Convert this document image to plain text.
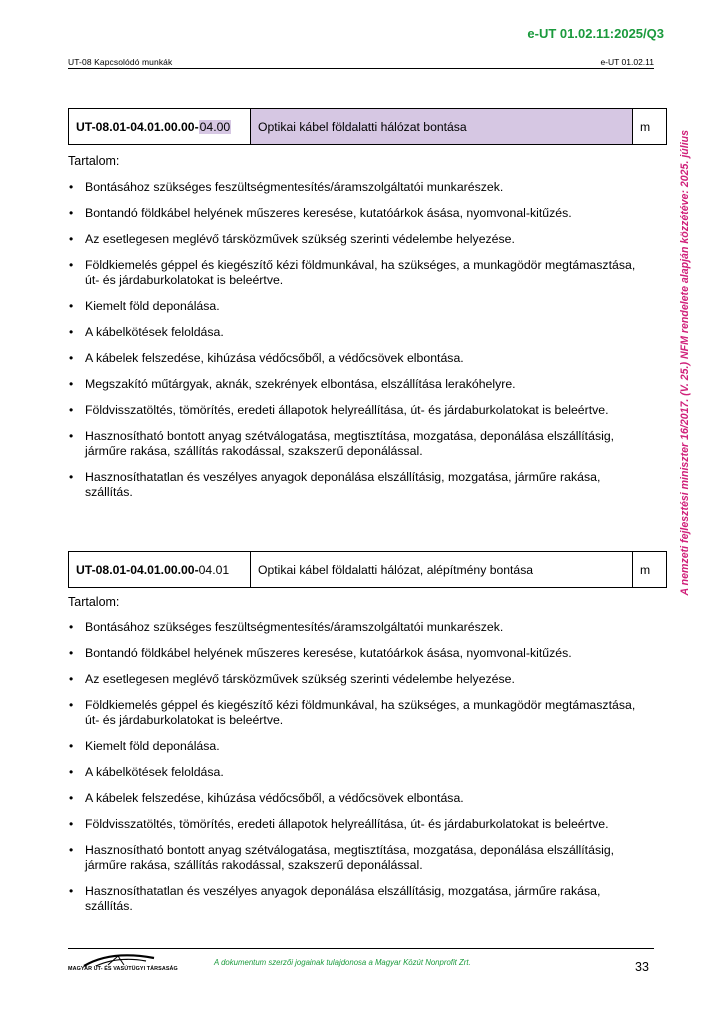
e-UT 01.02.11:2025/Q3
UT-08 Kapcsolódó munkák	e-UT 01.02.11
A nemzeti fejlesztési miniszter 16/2017. (V. 25.) NFM rendelete alapján közzétéve: 2025. július
UT-08.01-04.01.00.00- 04.00	Optikai kábel földalatti hálózat bontása	m
Tartalom:
• Bontásához szükséges feszültségmentesítés/áramszolgáltatói munkarészek.
• Bontandó földkábel helyének műszeres keresése, kutatóárkok ásása, nyomvonal-kitűzés.
• Az esetlegesen meglévő társközművek szükség szerinti védelembe helyezése.
• Földkiemelés géppel és kiegészítő kézi földmunkával, ha szükséges, a munkagödör megtámasztása, út- és járdaburkolatokat is beleértve.
• Kiemelt föld deponálása.
• A kábelkötések feloldása.
• A kábelek felszedése, kihúzása védőcsőből, a védőcsövek elbontása.
• Megszakító műtárgyak, aknák, szekrények elbontása, elszállítása lerakóhelyre.
• Földvisszatöltés, tömörítés, eredeti állapotok helyreállítása, út- és járdaburkolatokat is beleértve.
• Hasznosítható bontott anyag szétválogatása, megtisztítása, mozgatása, deponálása elszállításig, járműre rakása, szállítás rakodással, szakszerű deponálással.
• Hasznosíthatatlan és veszélyes anyagok deponálása elszállításig, mozgatása, járműre rakása, szállítás.
UT-08.01-04.01.00.00- 04.01	Optikai kábel földalatti hálózat, alépítmény bontása	m
Tartalom:
• Bontásához szükséges feszültségmentesítés/áramszolgáltatói munkarészek.
• Bontandó földkábel helyének műszeres keresése, kutatóárkok ásása, nyomvonal-kitűzés.
• Az esetlegesen meglévő társközművek szükség szerinti védelembe helyezése.
• Földkiemelés géppel és kiegészítő kézi földmunkával, ha szükséges, a munkagödör megtámasztása, út- és járdaburkolatokat is beleértve.
• Kiemelt föld deponálása.
• A kábelkötések feloldása.
• A kábelek felszedése, kihúzása védőcsőből, a védőcsövek elbontása.
• Földvisszatöltés, tömörítés, eredeti állapotok helyreállítása, út- és járdaburkolatokat is beleértve.
• Hasznosítható bontott anyag szétválogatása, megtisztítása, mozgatása, deponálása elszállításig, járműre rakása, szállítás rakodással, szakszerű deponálással.
• Hasznosíthatatlan és veszélyes anyagok deponálása elszállításig, mozgatása, járműre rakása, szállítás.
MAGYAR ÚT- ÉS VASÚTÜGYI TÁRSASÁG
A dokumentum szerzői jogainak tulajdonosa a Magyar Közút Nonprofit Zrt.	33
